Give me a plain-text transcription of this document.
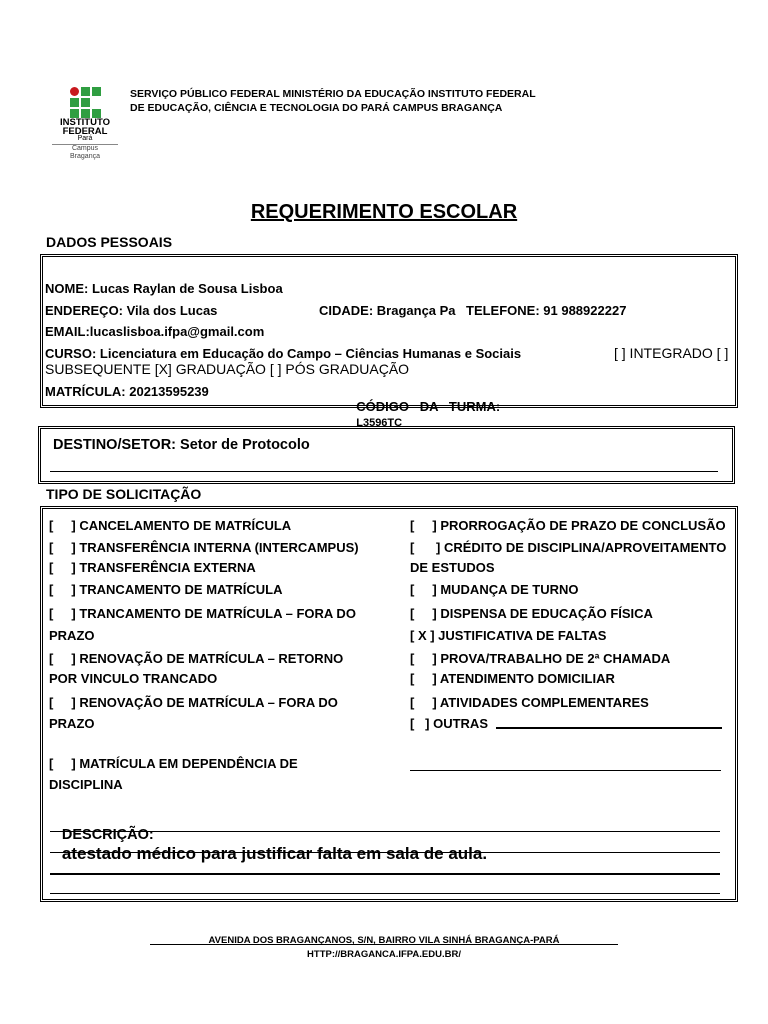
INSTITUTO
FEDERAL
Pará
Campus
Bragança
SERVIÇO PÚBLICO FEDERAL MINISTÉRIO DA EDUCAÇÃO INSTITUTO FEDERAL
DE EDUCAÇÃO, CIÊNCIA E TECNOLOGIA DO PARÁ CAMPUS BRAGANÇA
REQUERIMENTO ESCOLAR
DADOS PESSOAIS
NOME: Lucas Raylan de Sousa Lisboa
ENDEREÇO: Vila dos Lucas	CIDADE: Bragança Pa TELEFONE: 91 988922227
EMAIL:lucaslisboa.ifpa@gmail.com
CURSO: Licenciatura em Educação do Campo – Ciências Humanas e Sociais	[ ] INTEGRADO [ ]
SUBSEQUENTE [X] GRADUAÇÃO [ ] PÓS GRADUAÇÃO
MATRÍCULA: 20213595239

CÓDIGO   DA   TURMA:
L3596TC

DESTINO/SETOR: Setor de Protocolo
TIPO DE SOLICITAÇÃO
[     ] CANCELAMENTO DE MATRÍCULA
[     ] TRANSFERÊNCIA INTERNA (INTERCAMPUS)
[     ] TRANSFERÊNCIA EXTERNA
[     ] TRANCAMENTO DE MATRÍCULA
[     ] TRANCAMENTO DE MATRÍCULA – FORA DO
PRAZO
[     ] RENOVAÇÃO DE MATRÍCULA – RETORNO
POR VINCULO TRANCADO
[     ] RENOVAÇÃO DE MATRÍCULA – FORA DO
PRAZO
[     ] MATRÍCULA EM DEPENDÊNCIA DE
DISCIPLINA
[     ] PRORROGAÇÃO DE PRAZO DE CONCLUSÃO
[      ] CRÉDITO DE DISCIPLINA/APROVEITAMENTO
DE ESTUDOS
[     ] MUDANÇA DE TURNO
[     ] DISPENSA DE EDUCAÇÃO FÍSICA
[ X ] JUSTIFICATIVA DE FALTAS
[     ] PROVA/TRABALHO DE 2ª CHAMADA
[     ] ATENDIMENTO DOMICILIAR
[     ] ATIVIDADES COMPLEMENTARES
[   ] OUTRAS

DESCRIÇÃO:
atestado médico para justificar falta em sala de aula.

AVENIDA DOS BRAGANÇANOS, S/N, BAIRRO VILA SINHÁ BRAGANÇA-PARÁ
HTTP://BRAGANCA.IFPA.EDU.BR/
